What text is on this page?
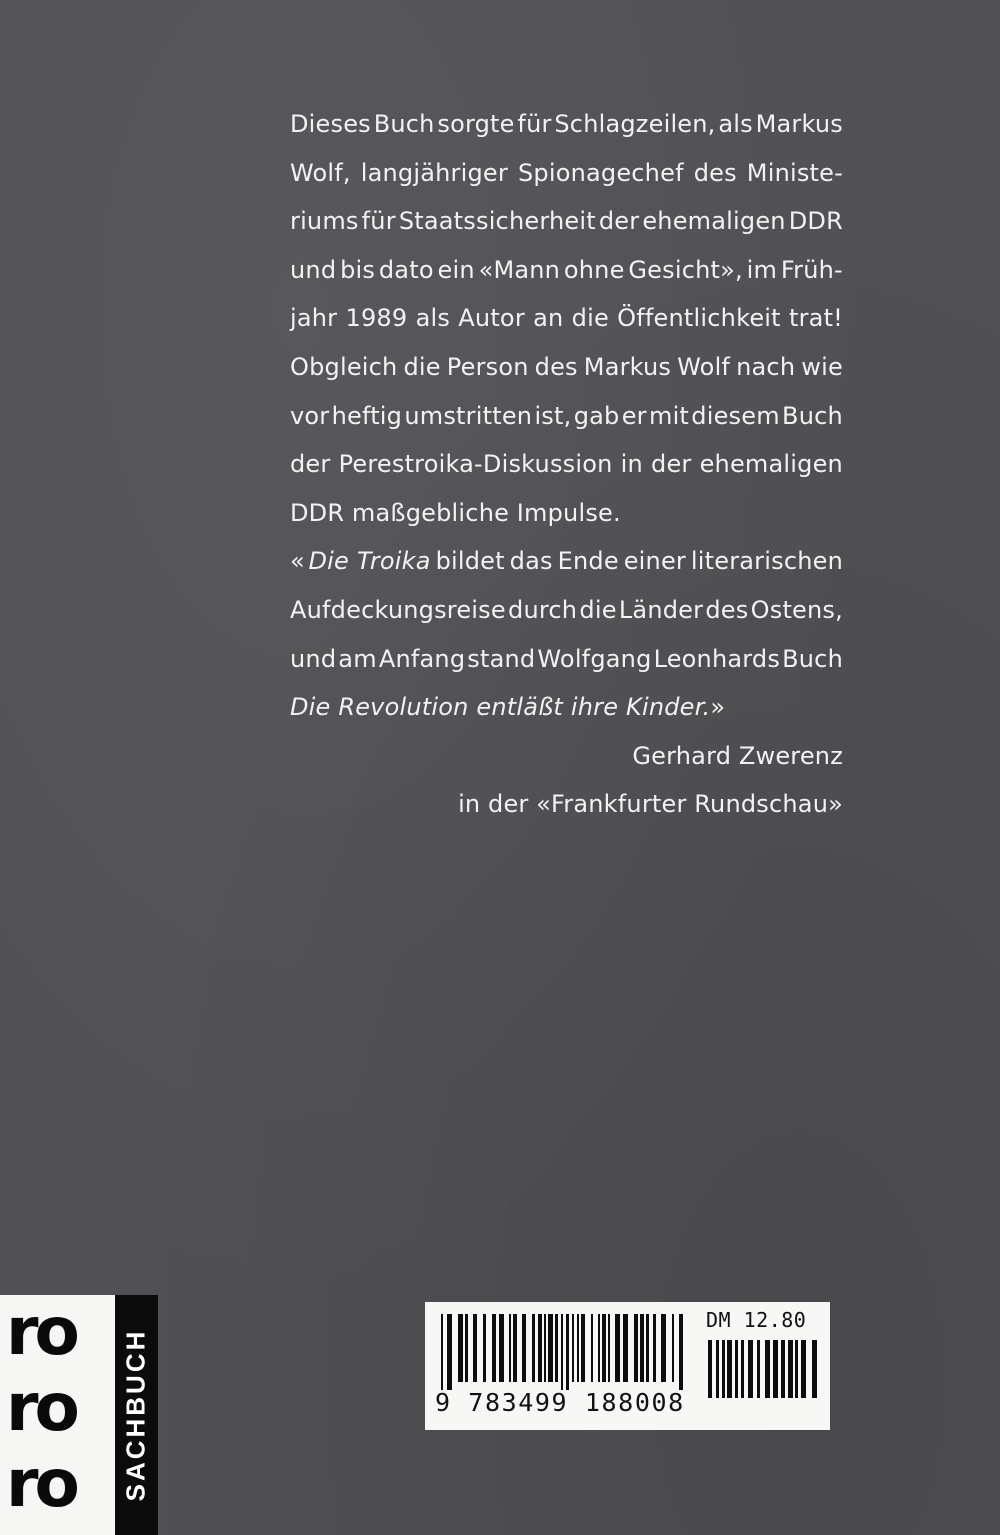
Dieses Buch sorgte für Schlagzeilen, als Markus
Wolf, langjähriger Spionagechef des Ministe-
riums für Staatssicherheit der ehemaligen DDR
und bis dato ein «Mann ohne Gesicht», im Früh-
jahr 1989 als Autor an die Öffentlichkeit trat!
Obgleich die Person des Markus Wolf nach wie
vor heftig umstritten ist, gab er mit diesem Buch
der Perestroika-Diskussion in der ehemaligen
DDR maßgebliche Impulse.
« Die Troika bildet das Ende einer literarischen
Aufdeckungsreise durch die Länder des Ostens,
und am Anfang stand Wolfgang Leonhards Buch
Die Revolution entläßt ihre Kinder. »
Gerhard Zwerenz
in der «Frankfurter Rundschau»
ro
ro
ro SACHBUCH
DM 12.80
9 783499 188008
